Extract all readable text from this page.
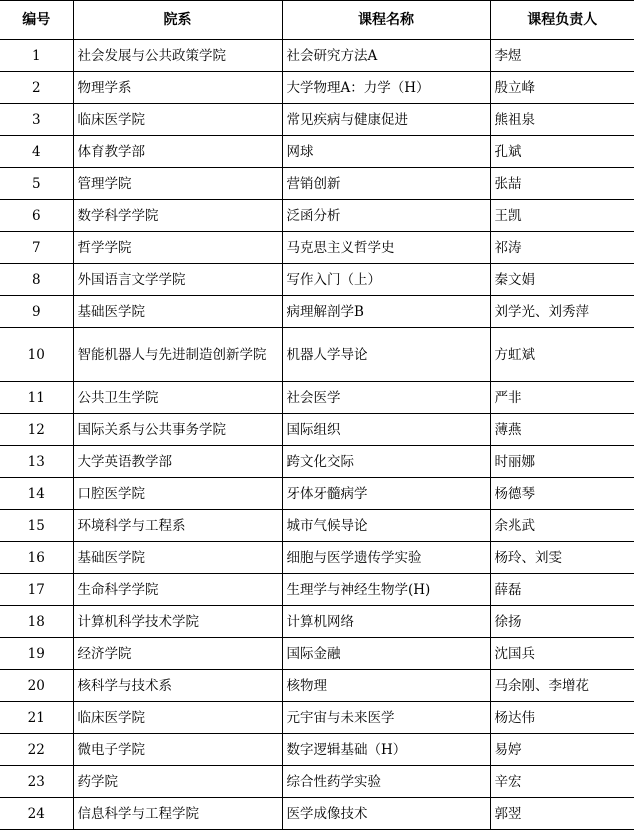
编号	院系	课程名称	课程负责人
1	社会发展与公共政策学院	社会研究方法A	李煜
2	物理学系	大学物理A：力学（H）	殷立峰
3	临床医学院	常见疾病与健康促进	熊祖泉
4	体育教学部	网球	孔斌
5	管理学院	营销创新	张喆
6	数学科学学院	泛函分析	王凯
7	哲学学院	马克思主义哲学史	祁涛
8	外国语言文学学院	写作入门（上）	秦文娟
9	基础医学院	病理解剖学B	刘学光、刘秀萍
10	智能机器人与先进制造创新学院	机器人学导论	方虹斌
11	公共卫生学院	社会医学	严非
12	国际关系与公共事务学院	国际组织	薄燕
13	大学英语教学部	跨文化交际	时丽娜
14	口腔医学院	牙体牙髓病学	杨德琴
15	环境科学与工程系	城市气候导论	余兆武
16	基础医学院	细胞与医学遗传学实验	杨玲、刘雯
17	生命科学学院	生理学与神经生物学(H)	薛磊
18	计算机科学技术学院	计算机网络	徐扬
19	经济学院	国际金融	沈国兵
20	核科学与技术系	核物理	马余刚、李增花
21	临床医学院	元宇宙与未来医学	杨达伟
22	微电子学院	数字逻辑基础（H）	易婷
23	药学院	综合性药学实验	辛宏
24	信息科学与工程学院	医学成像技术	郭翌
